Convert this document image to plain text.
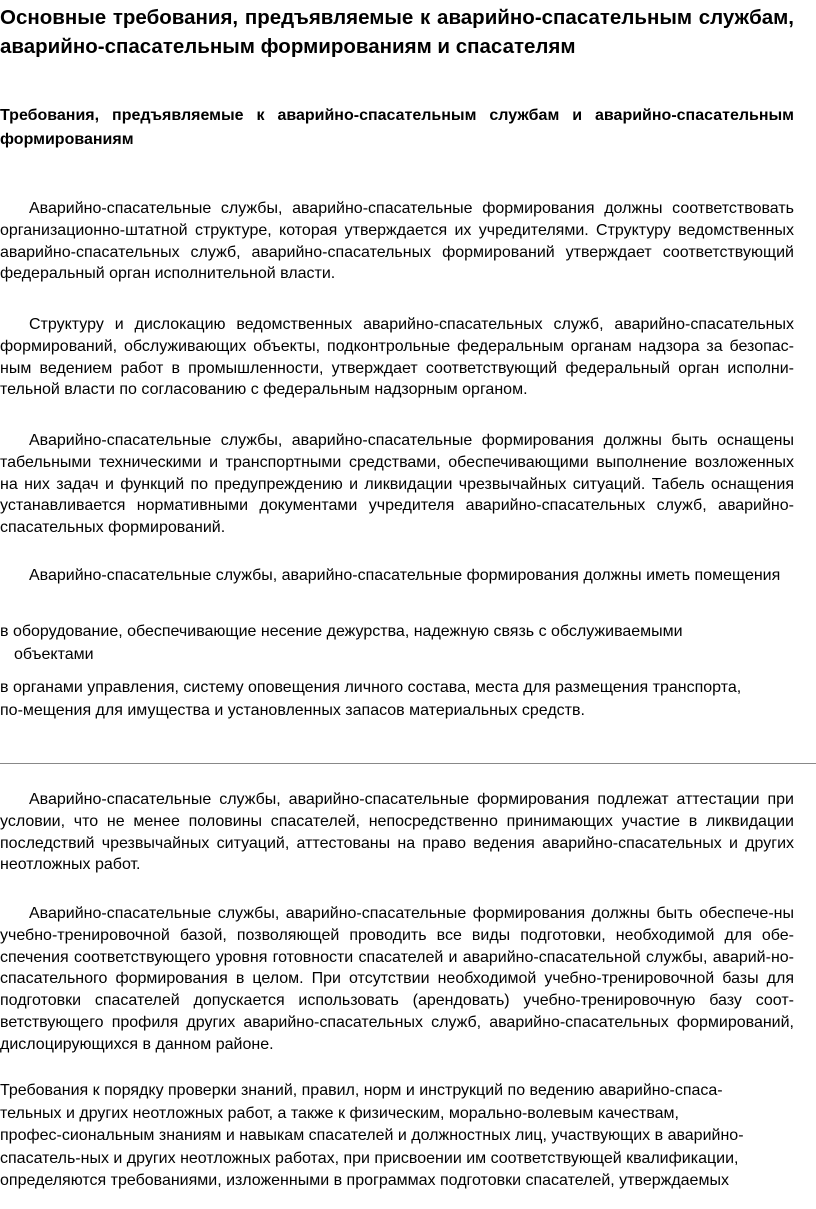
Основные требования, предъявляемые к аварийно-спасательным службам, аварийно-спасательным формированиям и спасателям
Требования, предъявляемые к аварийно-спасательным службам и аварийно-спасательным формированиям

Аварийно-спасательные службы, аварийно-спасательные формирования должны соответствовать организационно-штатной структуре, которая утверждается их учредителями. Структуру ведомственных аварийно-спасательных служб, аварийно-спасательных формирований утверждает соответствующий федеральный орган исполнительной власти.

Структуру и дислокацию ведомственных аварийно-спасательных служб, аварийно-спасательных формирований, обслуживающих объекты, подконтрольные федеральным органам надзора за безопас-ным ведением работ в промышленности, утверждает соответствующий федеральный орган исполни-тельной власти по согласованию с федеральным надзорным органом.

Аварийно-спасательные службы, аварийно-спасательные формирования должны быть оснащены табельными техническими и транспортными средствами, обеспечивающими выполнение возложенных на них задач и функций по предупреждению и ликвидации чрезвычайных ситуаций. Табель оснащения устанавливается нормативными документами учредителя аварийно-спасательных служб, аварийно-спасательных формирований.

Аварийно-спасательные службы, аварийно-спасательные формирования должны иметь помещения

в оборудование, обеспечивающие несение дежурства, надежную связь с обслуживаемыми
объектами
в органами управления, систему оповещения личного состава, места для размещения транспорта,
по-мещения для имущества и установленных запасов материальных средств.

Аварийно-спасательные службы, аварийно-спасательные формирования подлежат аттестации при условии, что не менее половины спасателей, непосредственно принимающих участие в ликвидации последствий чрезвычайных ситуаций, аттестованы на право ведения аварийно-спасательных и других неотложных работ.

Аварийно-спасательные службы, аварийно-спасательные формирования должны быть обеспече-ны учебно-тренировочной базой, позволяющей проводить все виды подготовки, необходимой для обе-спечения соответствующего уровня готовности спасателей и аварийно-спасательной службы, аварий-но-спасательного формирования в целом. При отсутствии необходимой учебно-тренировочной базы для подготовки спасателей допускается использовать (арендовать) учебно-тренировочную базу соот-ветствующего профиля других аварийно-спасательных служб, аварийно-спасательных формирований, дислоцирующихся в данном районе.

Требования к порядку проверки знаний, правил, норм и инструкций по ведению аварийно-спаса-
тельных и других неотложных работ, а также к физическим, морально-волевым качествам,
профес-сиональным знаниям и навыкам спасателей и должностных лиц, участвующих в аварийно-
спасатель-ных и других неотложных работах, при присвоении им соответствующей квалификации,
определяются требованиями, изложенными в программах подготовки спасателей, утверждаемых
